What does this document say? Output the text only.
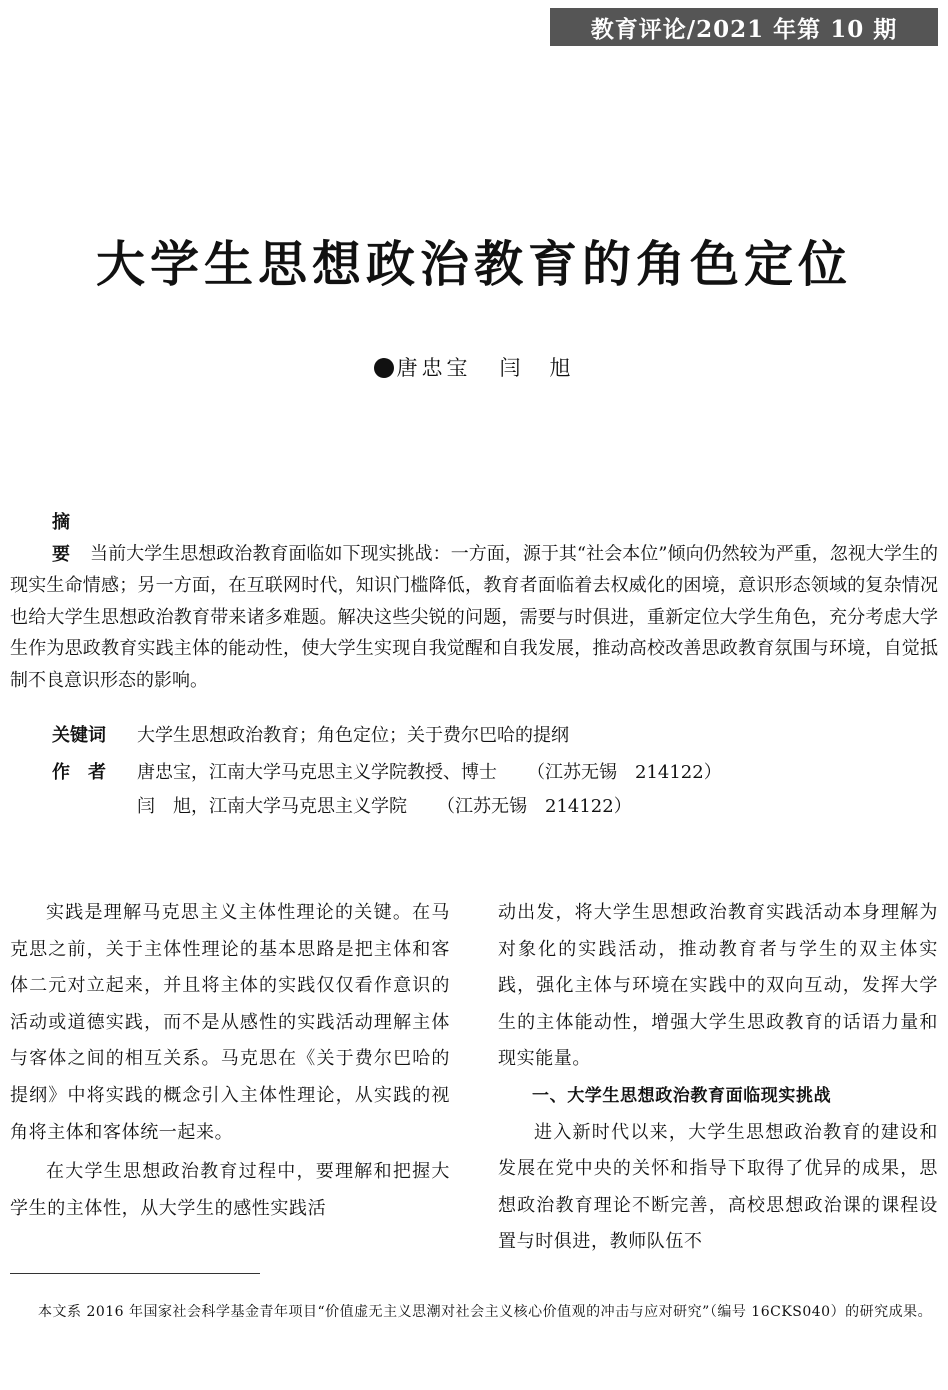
教育评论/2021 年第 10 期
大学生思想政治教育的角色定位
唐忠宝 闫　旭
摘　要 当前大学生思想政治教育面临如下现实挑战：一方面，源于其“社会本位”倾向仍然较为严重，忽视大学生的现实生命情感；另一方面，在互联网时代，知识门槛降低，教育者面临着去权威化的困境，意识形态领域的复杂情况也给大学生思想政治教育带来诸多难题。解决这些尖锐的问题，需要与时俱进，重新定位大学生角色，充分考虑大学生作为思政教育实践主体的能动性，使大学生实现自我觉醒和自我发展，推动高校改善思政教育氛围与环境，自觉抵制不良意识形态的影响。
关键词 大学生思想政治教育；角色定位；关于费尔巴哈的提纲
作　者 唐忠宝，江南大学马克思主义学院教授、博士 （江苏无锡　214122）
闫　旭，江南大学马克思主义学院 （江苏无锡　214122）

实践是理解马克思主义主体性理论的关键。在马克思之前，关于主体性理论的基本思路是把主体和客体二元对立起来，并且将主体的实践仅仅看作意识的活动或道德实践，而不是从感性的实践活动理解主体与客体之间的相互关系。马克思在《关于费尔巴哈的提纲》中将实践的概念引入主体性理论，从实践的视角将主体和客体统一起来。

在大学生思想政治教育过程中，要理解和把握大学生的主体性，从大学生的感性实践活

动出发，将大学生思想政治教育实践活动本身理解为对象化的实践活动，推动教育者与学生的双主体实践，强化主体与环境在实践中的双向互动，发挥大学生的主体能动性，增强大学生思政教育的话语力量和现实能量。

一、大学生思想政治教育面临现实挑战

进入新时代以来，大学生思想政治教育的建设和发展在党中央的关怀和指导下取得了优异的成果，思想政治教育理论不断完善，高校思想政治课的课程设置与时俱进，教师队伍不

本文系 2016 年国家社会科学基金青年项目“价值虚无主义思潮对社会主义核心价值观的冲击与应对研究”（编号 16CKS040）的研究成果。
